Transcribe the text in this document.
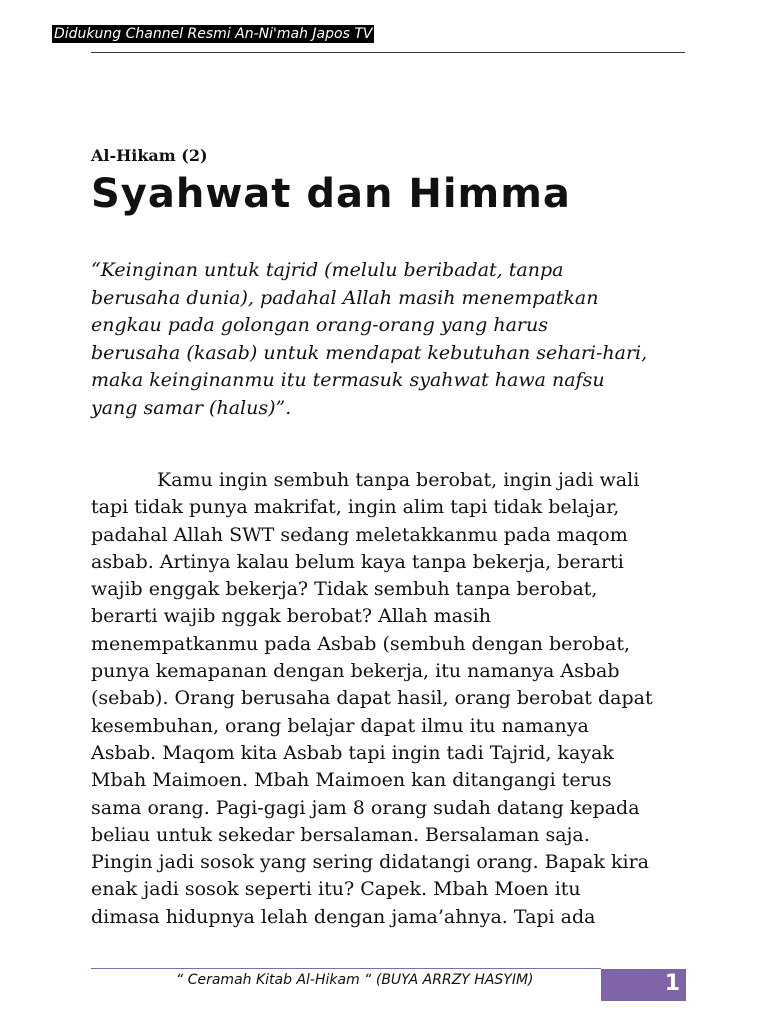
Didukung Channel Resmi An-Ni'mah Japos TV
Al-Hikam (2)
Syahwat dan Himma
“Keinginan untuk tajrid (melulu beribadat, tanpa
berusaha dunia), padahal Allah masih menempatkan
engkau pada golongan orang-orang yang harus
berusaha (kasab) untuk mendapat kebutuhan sehari-hari,
maka keinginanmu itu termasuk syahwat hawa nafsu
yang samar (halus)”.
Kamu ingin sembuh tanpa berobat, ingin jadi wali
tapi tidak punya makrifat, ingin alim tapi tidak belajar,
padahal Allah SWT sedang meletakkanmu pada maqom
asbab. Artinya kalau belum kaya tanpa bekerja, berarti
wajib enggak bekerja? Tidak sembuh tanpa berobat,
berarti wajib nggak berobat? Allah masih
menempatkanmu pada Asbab (sembuh dengan berobat,
punya kemapanan dengan bekerja, itu namanya Asbab
(sebab). Orang berusaha dapat hasil, orang berobat dapat
kesembuhan, orang belajar dapat ilmu itu namanya
Asbab. Maqom kita Asbab tapi ingin tadi Tajrid, kayak
Mbah Maimoen. Mbah Maimoen kan ditangangi terus
sama orang. Pagi-gagi jam 8 orang sudah datang kepada
beliau untuk sekedar bersalaman. Bersalaman saja.
Pingin jadi sosok yang sering didatangi orang. Bapak kira
enak jadi sosok seperti itu? Capek. Mbah Moen itu
dimasa hidupnya lelah dengan jama’ahnya. Tapi ada
“ Ceramah Kitab Al-Hikam “ (BUYA ARRZY HASYIM)	1
